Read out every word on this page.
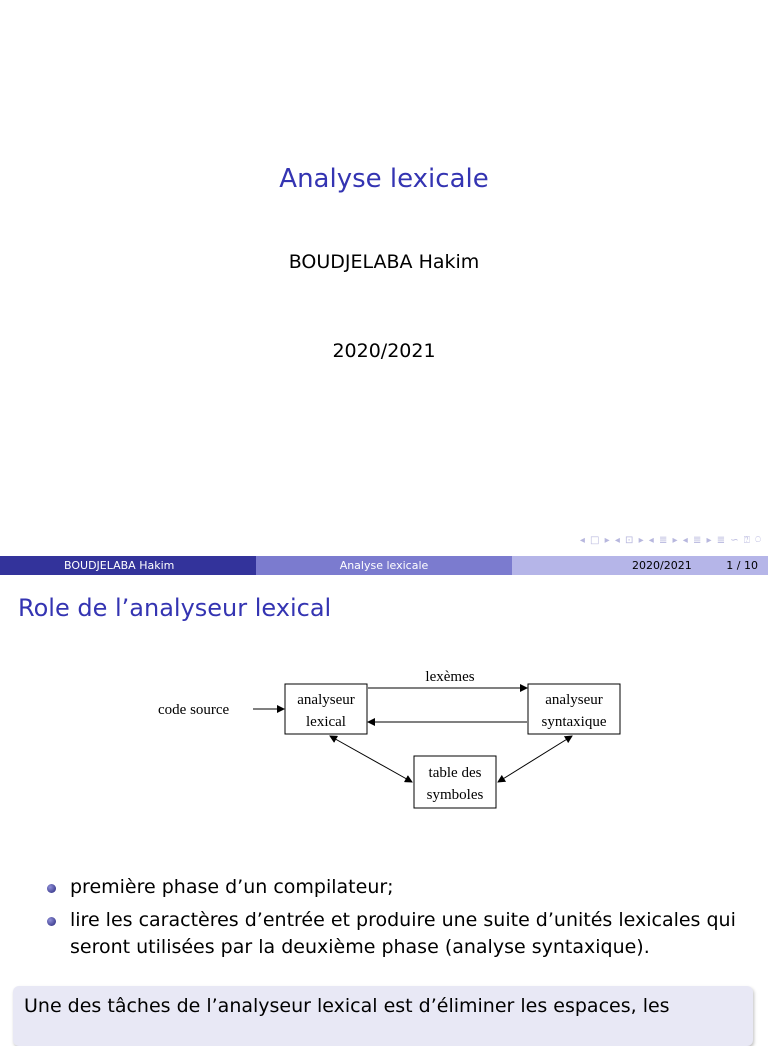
Analyse lexicale
BOUDJELABA Hakim
2020/2021
◂ □ ▸ ◂ ⊡ ▸ ◂ ≣ ▸ ◂ ≣ ▸ ≣ ∽ ⍰ ⍥
BOUDJELABA Hakim	Analyse lexicale	2020/2021	1 / 10
Role de l’analyseur lexical
code source
analyseur
lexical
lexèmes
analyseur
syntaxique
table des
symboles
première phase d’un compilateur;
lire les caractères d’entrée et produire une suite d’unités lexicales qui seront utilisées par la deuxième phase (analyse syntaxique).
Une des tâches de l’analyseur lexical est d’éliminer les espaces, les
